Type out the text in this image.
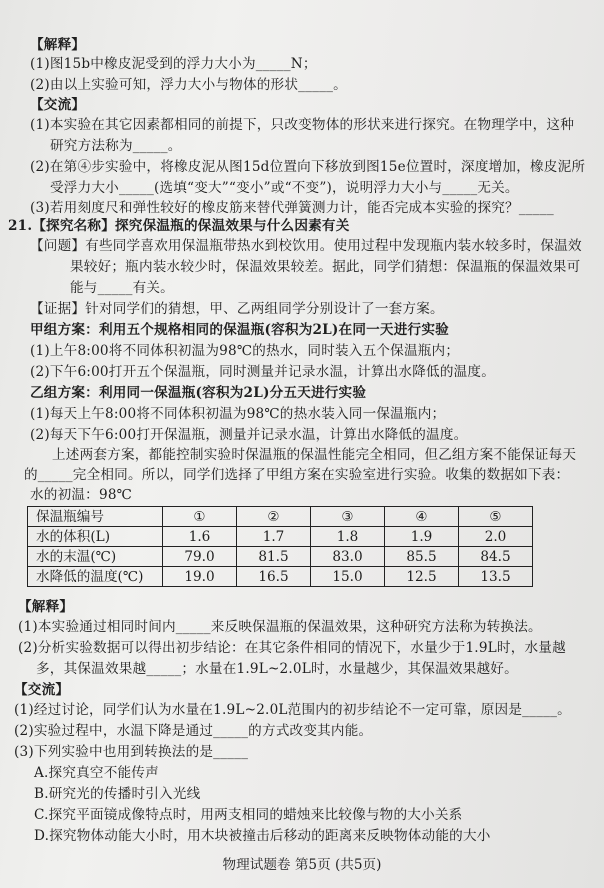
【解释】
(1)图15b中橡皮泥受到的浮力大小为_____N；
(2)由以上实验可知，浮力大小与物体的形状_____。
【交流】
(1)本实验在其它因素都相同的前提下，只改变物体的形状来进行探究。在物理学中，这种
研究方法称为_____。
(2)在第④步实验中，将橡皮泥从图15d位置向下移放到图15e位置时，深度增加，橡皮泥所
受浮力大小_____(选填“变大”“变小”或“不变”)，说明浮力大小与_____无关。
(3)若用刻度尺和弹性较好的橡皮筋来替代弹簧测力计，能否完成本实验的探究？_____
21.【探究名称】探究保温瓶的保温效果与什么因素有关
【问题】有些同学喜欢用保温瓶带热水到校饮用。使用过程中发现瓶内装水较多时，保温效
果较好；瓶内装水较少时，保温效果较差。据此，同学们猜想：保温瓶的保温效果可
能与_____有关。
【证据】针对同学们的猜想，甲、乙两组同学分别设计了一套方案。
甲组方案：利用五个规格相同的保温瓶(容积为2L)在同一天进行实验
(1)上午8:00将不同体积初温为98℃的热水，同时装入五个保温瓶内；
(2)下午6:00打开五个保温瓶，同时测量并记录水温，计算出水降低的温度。
乙组方案：利用同一保温瓶(容积为2L)分五天进行实验
(1)每天上午8:00将不同体积初温为98℃的热水装入同一保温瓶内；
(2)每天下午6:00打开保温瓶，测量并记录水温，计算出水降低的温度。
上述两套方案，都能控制实验时保温瓶的保温性能完全相同，但乙组方案不能保证每天
的_____完全相同。所以，同学们选择了甲组方案在实验室进行实验。收集的数据如下表：
水的初温：98℃
保温瓶编号	①	②	③	④	⑤
水的体积(L)	1.6	1.7	1.8	1.9	2.0
水的末温(℃)	79.0	81.5	83.0	85.5	84.5
水降低的温度(℃)	19.0	16.5	15.0	12.5	13.5
【解释】
(1)本实验通过相同时间内_____来反映保温瓶的保温效果，这种研究方法称为转换法。
(2)分析实验数据可以得出初步结论：在其它条件相同的情况下，水量少于1.9L时，水量越
多，其保温效果越_____；水量在1.9L~2.0L时，水量越少，其保温效果越好。
【交流】
(1)经过讨论，同学们认为水量在1.9L~2.0L范围内的初步结论不一定可靠，原因是_____。
(2)实验过程中，水温下降是通过_____的方式改变其内能。
(3)下列实验中也用到转换法的是_____
A.探究真空不能传声
B.研究光的传播时引入光线
C.探究平面镜成像特点时，用两支相同的蜡烛来比较像与物的大小关系
D.探究物体动能大小时，用木块被撞击后移动的距离来反映物体动能的大小
物理试题卷 第5页 (共5页)
